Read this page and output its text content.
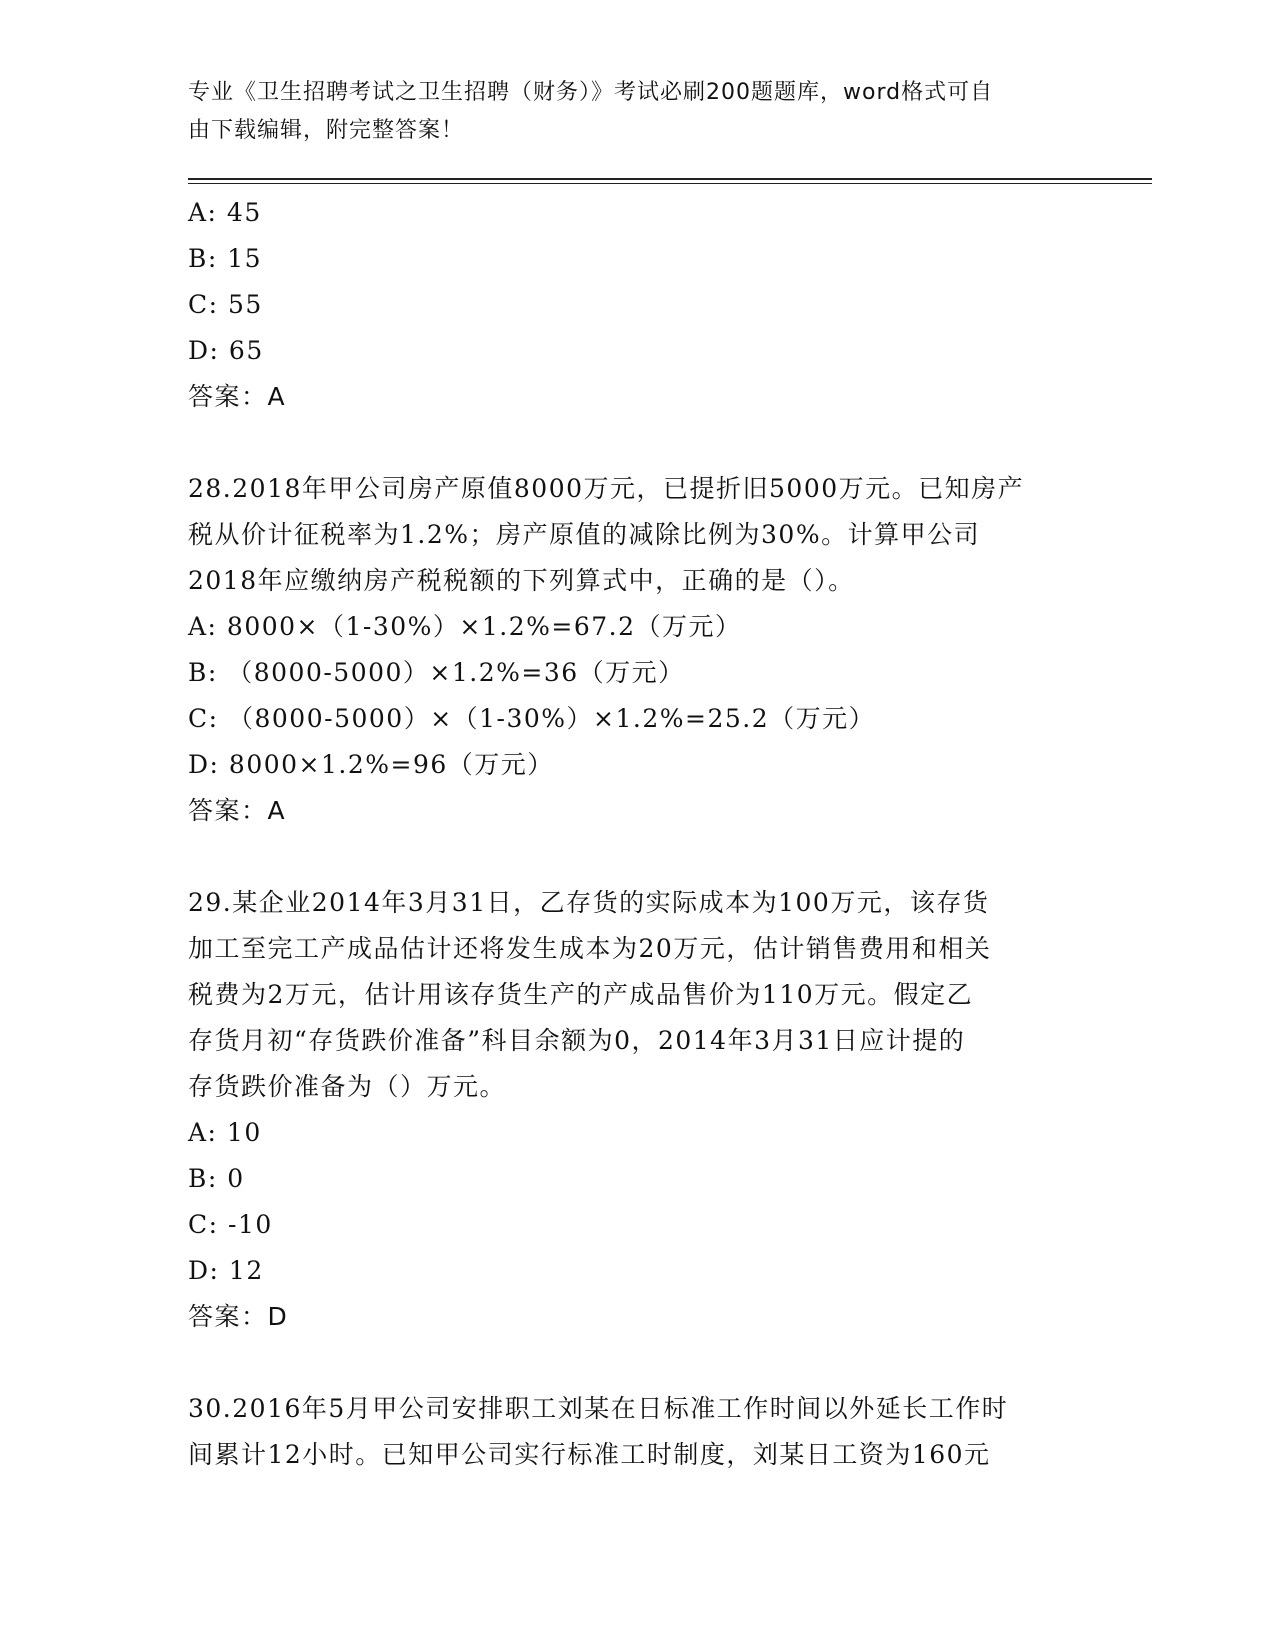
专业《卫生招聘考试之卫生招聘（财务）》考试必刷200题题库，word格式可自
由下载编辑，附完整答案！
A: 45
B: 15
C: 55
D: 65
答案：A
28.2018年甲公司房产原值8000万元，已提折旧5000万元。已知房产
税从价计征税率为1.2%；房产原值的减除比例为30%。计算甲公司
2018年应缴纳房产税税额的下列算式中，正确的是（）。
A: 8000×（1-30%）×1.2%=67.2（万元）
B: （8000-5000）×1.2%=36（万元）
C: （8000-5000）×（1-30%）×1.2%=25.2（万元）
D: 8000×1.2%=96（万元）
答案：A
29.某企业2014年3月31日，乙存货的实际成本为100万元，该存货
加工至完工产成品估计还将发生成本为20万元，估计销售费用和相关
税费为2万元，估计用该存货生产的产成品售价为110万元。假定乙
存货月初“存货跌价准备”科目余额为0，2014年3月31日应计提的
存货跌价准备为（）万元。
A: 10
B: 0
C: -10
D: 12
答案：D
30.2016年5月甲公司安排职工刘某在日标准工作时间以外延长工作时
间累计12小时。已知甲公司实行标准工时制度，刘某日工资为160元
